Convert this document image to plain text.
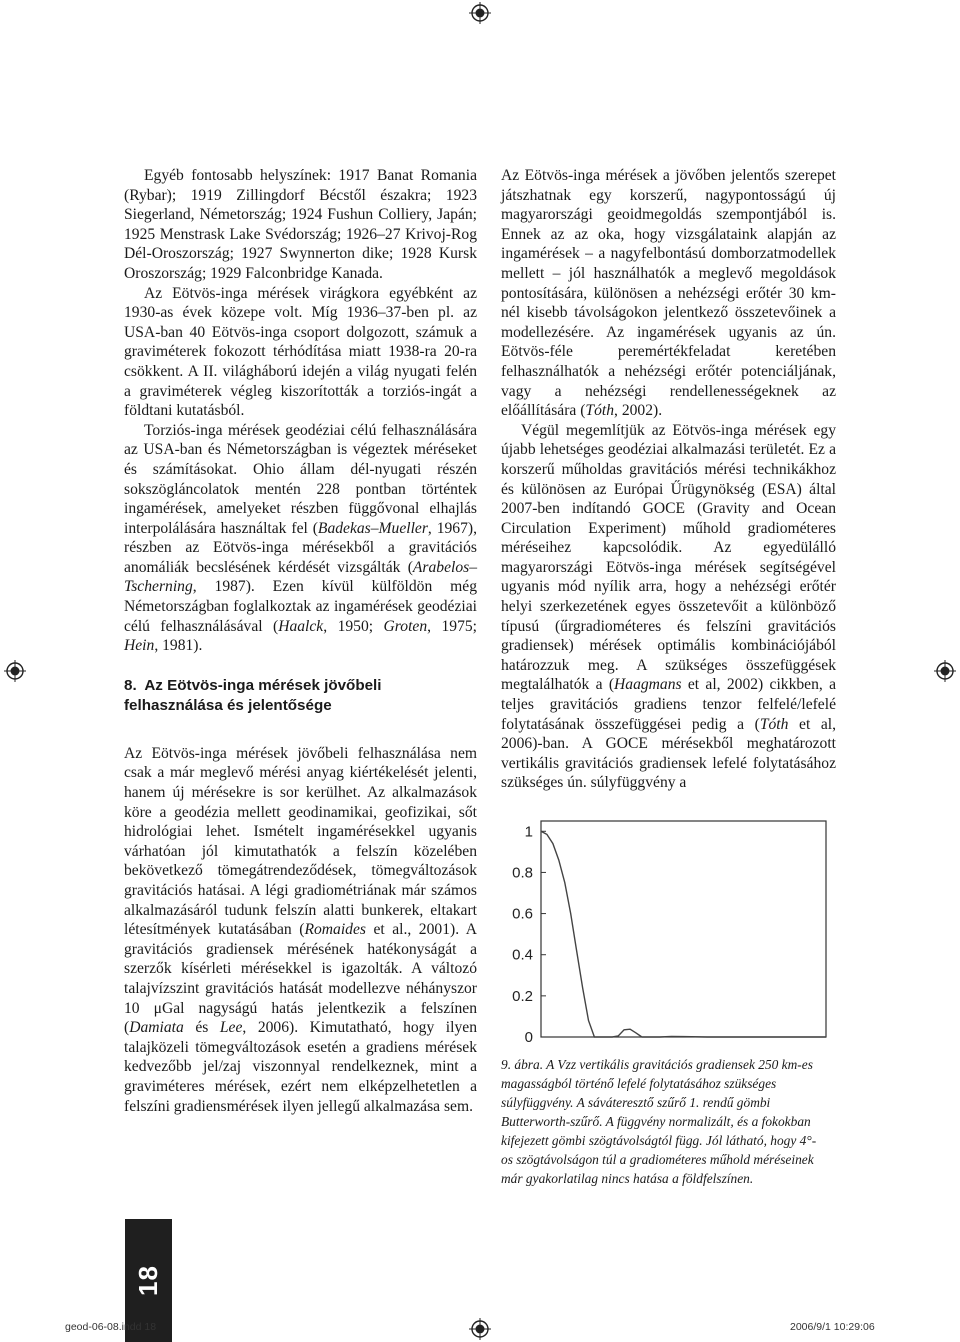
Egyéb fontosabb helyszínek: 1917 Banat Romania (Rybar); 1919 Zillingdorf Bécstől északra; 1923 Siegerland, Németország; 1924 Fushun Colliery, Japán; 1925 Menstrask Lake Svédország; 1926–27 Krivoj-Rog Dél-Oroszország; 1927 Swynnerton dike; 1928 Kursk Oroszország; 1929 Falconbridge Kanada.

Az Eötvös-inga mérések virágkora egyébként az 1930-as évek közepe volt. Míg 1936–37-ben pl. az USA-ban 40 Eötvös-inga csoport dolgozott, számuk a graviméterek fokozott térhódítása miatt 1938-ra 20-ra csökkent. A II. világháború idején a világ nyugati felén a graviméterek végleg kiszorították a torziós-ingát a földtani kutatásból.

Torziós-inga mérések geodéziai célú felhasználására az USA-ban és Németországban is végeztek méréseket és számításokat. Ohio állam dél-nyugati részén sokszögláncolatok mentén 228 pontban történtek ingamérések, amelyeket részben függővonal elhajlás interpolálására használtak fel (Badekas–Mueller, 1967), részben az Eötvös-inga mérésekből a gravitációs anomáliák becslésének kérdését vizsgálták (Arabelos–Tscherning, 1987). Ezen kívül külföldön még Németországban foglalkoztak az ingamérések geodéziai célú felhasználásával (Haalck, 1950; Groten, 1975; Hein, 1981).

8. Az Eötvös-inga mérések jövőbeli felhasználása és jelentősége

Az Eötvös-inga mérések jövőbeli felhasználása nem csak a már meglevő mérési anyag kiértékelését jelenti, hanem új mérésekre is sor kerülhet. Az alkalmazások köre a geodézia mellett geodinamikai, geofizikai, sőt hidrológiai lehet. Ismételt ingamérésekkel ugyanis várhatóan jól kimutathatók a felszín közelében bekövetkező tömegátrendeződések, tömegváltozások gravitációs hatásai. A légi gradiométriának már számos alkalmazásáról tudunk felszín alatti bunkerek, eltakart létesítmények kutatásában (Romaides et al., 2001). A gravitációs gradiensek mérésének hatékonyságát a szerzők kísérleti mérésekkel is igazolták. A változó talajvízszint gravitációs hatását modellezve néhányszor 10 μGal nagyságú hatás jelentkezik a felszínen (Damiata és Lee, 2006). Kimutatható, hogy ilyen talajközeli tömegváltozások esetén a gradiens mérések kedvezőbb jel/zaj viszonnyal rendelkeznek, mint a graviméteres mérések, ezért nem elképzelhetetlen a felszíni gradiensmérések ilyen jellegű alkalmazása sem.

Az Eötvös-inga mérések a jövőben jelentős szerepet játszhatnak egy korszerű, nagypontosságú új magyarországi geoidmegoldás szempontjából is. Ennek az az oka, hogy vizsgálataink alapján az ingamérések – a nagyfelbontású domborzatmodellek mellett – jól használhatók a meglevő megoldások pontosítására, különösen a nehézségi erőtér 30 km-nél kisebb távolságokon jelentkező összetevőinek a modellezésére. Az ingamérések ugyanis az ún. Eötvös-féle peremértékfeladat keretében felhasználhatók a nehézségi erőtér potenciáljának, vagy a nehézségi rendellenességeknek az előállítására (Tóth, 2002).

Végül megemlítjük az Eötvös-inga mérések egy újabb lehetséges geodéziai alkalmazási területét. Ez a korszerű műholdas gravitációs mérési technikákhoz és különösen az Európai Űrügynökség (ESA) által 2007-ben indítandó GOCE (Gravity and Ocean Circulation Experiment) műhold gradiométeres méréseihez kapcsolódik. Az egyedülálló magyarországi Eötvös-inga mérések segítségével ugyanis mód nyílik arra, hogy a nehézségi erőtér helyi szerkezetének egyes összetevőit a különböző típusú (űrgradiométeres és felszíni gravitációs gradiensek) mérések optimális kombinációjából határozzuk meg. A szükséges összefüggések megtalálhatók a (Haagmans et al, 2002) cikkben, a teljes gravitációs gradiens tenzor felfelé/lefelé folytatásának összefüggései pedig a (Tóth et al, 2006)-ban. A GOCE mérésekből meghatározott vertikális gravitációs gradiensek lefelé folytatásához szükséges ún. súlyfüggvény a

1
0.8
0.6
0.4
0.2
0
9. ábra. A Vzz vertikális gravitációs gradiensek 250 km-es magasságból történő lefelé folytatásához szükséges súlyfüggvény. A sáváteresztő szűrő 1. rendű gömbi Butterworth-szűrő. A függvény normalizált, és a fokokban kifejezett gömbi szögtávolságtól függ. Jól látható, hogy 4°-os szögtávolságon túl a gradiométeres műhold méréseinek már gyakorlatilag nincs hatása a földfelszínen.
18
geod-06-08.indd 18	2006/9/1 10:29:06
